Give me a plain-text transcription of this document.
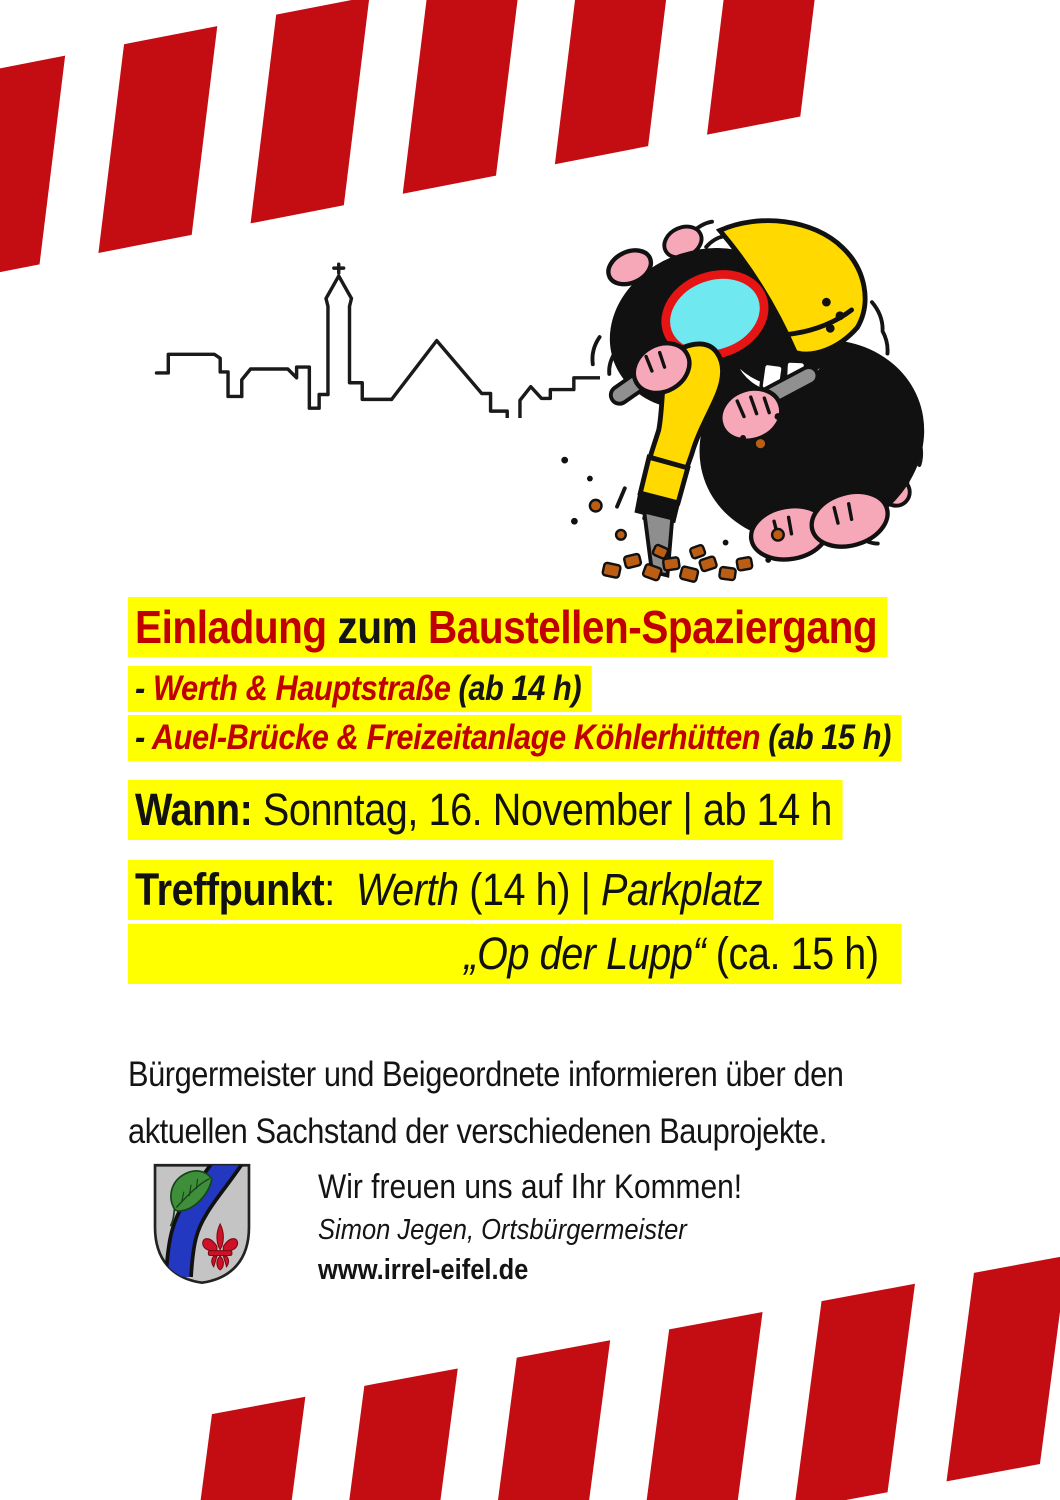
Einladung zum Baustellen-Spaziergang
- Werth & Hauptstraße (ab 14 h)
- Auel-Brücke & Freizeitanlage Köhlerhütten (ab 15 h)
Wann: Sonntag, 16. November | ab 14 h
Treffpunkt:  Werth (14 h) | Parkplatz
„Op der Lupp“ (ca. 15 h)
Bürgermeister und Beigeordnete informieren über den
aktuellen Sachstand der verschiedenen Bauprojekte.
Wir freuen uns auf Ihr Kommen!
Simon Jegen, Ortsbürgermeister
www.irrel-eifel.de
